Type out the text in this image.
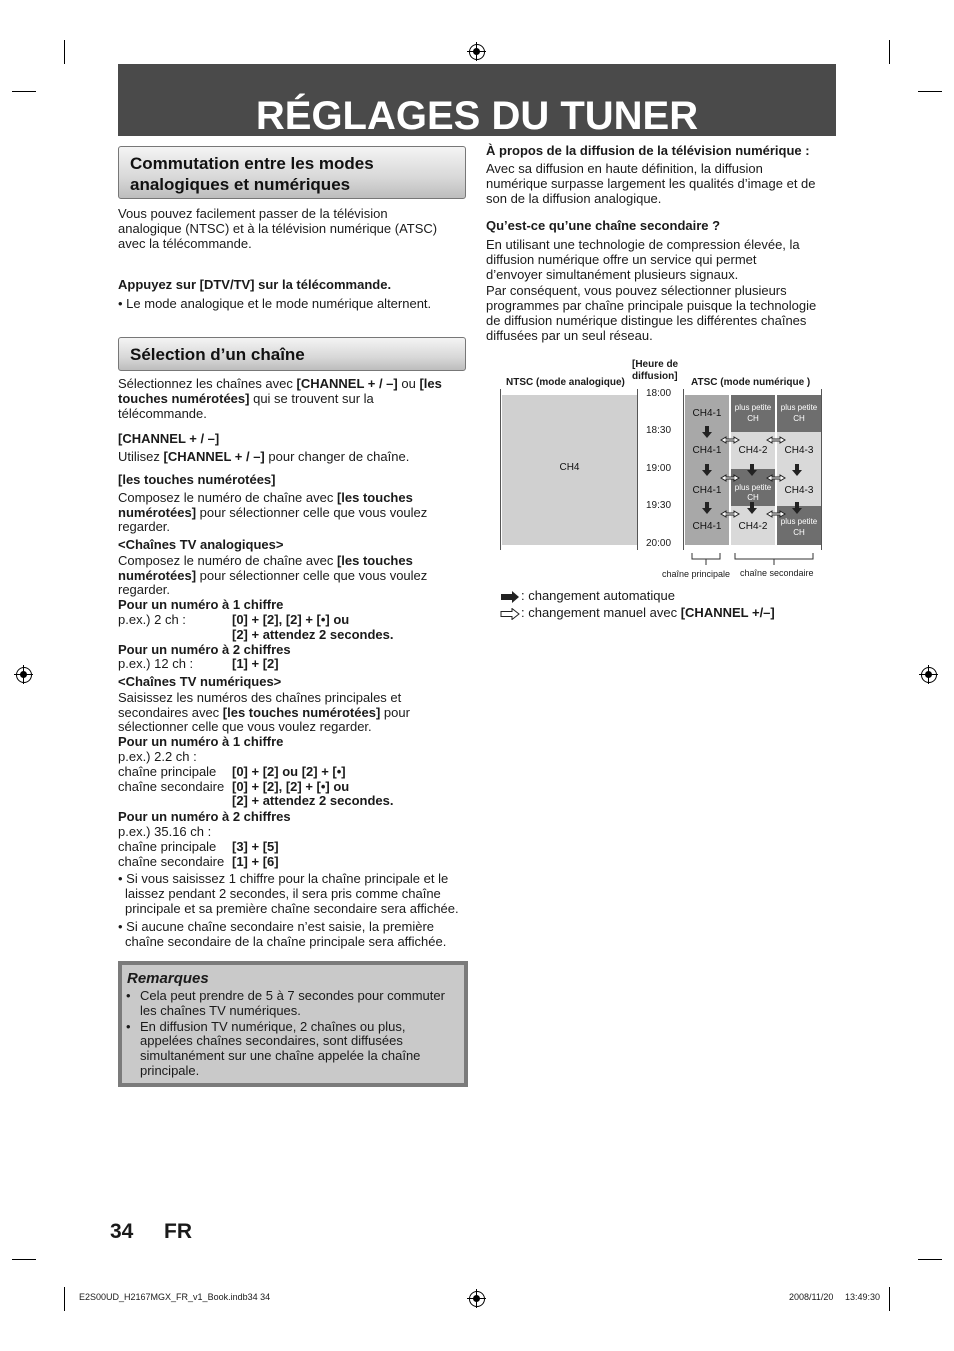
RÉGLAGES DU TUNER
Commutation entre les modes
analogiques et numériques
Vous pouvez facilement passer de la télévision
analogique (NTSC) et à la télévision numérique (ATSC)
avec la télécommande.
Appuyez sur [DTV/TV] sur la télécommande.
• Le mode analogique et le mode numérique alternent.
Sélection d’un chaîne
Sélectionnez les chaînes avec [CHANNEL + / –] ou [les
touches numérotées] qui se trouvent sur la
télécommande.
[CHANNEL + / –]
Utilisez [CHANNEL + / –] pour changer de chaîne.
[les touches numérotées]
Composez le numéro de chaîne avec [les touches
numérotées] pour sélectionner celle que vous voulez
regarder.
<Chaînes TV analogiques>
Composez le numéro de chaîne avec [les touches
numérotées] pour sélectionner celle que vous voulez
regarder.
Pour un numéro à 1 chiffre
p.ex.) 2 ch :	[0] + [2], [2] + [•] ou
[2] + attendez 2 secondes.
Pour un numéro à 2 chiffres
p.ex.) 12 ch :	[1] + [2]
<Chaînes TV numériques>
Saisissez les numéros des chaînes principales et
secondaires avec [les touches numérotées] pour
sélectionner celle que vous voulez regarder.
Pour un numéro à 1 chiffre
p.ex.) 2.2 ch :
chaîne principale [0] + [2] ou [2] + [•]
chaîne secondaire [0] + [2], [2] + [•] ou
[2] + attendez 2 secondes.
Pour un numéro à 2 chiffres
p.ex.) 35.16 ch :
chaîne principale [3] + [5]
chaîne secondaire [1] + [6]
• Si vous saisissez 1 chiffre pour la chaîne principale et le
laissez pendant 2 secondes, il sera pris comme chaîne
principale et sa première chaîne secondaire sera affichée.
• Si aucune chaîne secondaire n’est saisie, la première
chaîne secondaire de la chaîne principale sera affichée.
Remarques
• Cela peut prendre de 5 à 7 secondes pour commuter
les chaînes TV numériques.
• En diffusion TV numérique, 2 chaînes ou plus,
appelées chaînes secondaires, sont diffusées
simultanément sur une chaîne appelée la chaîne
principale.
À propos de la diffusion de la télévision numérique :
Avec sa diffusion en haute définition, la diffusion
numérique surpasse largement les qualités d’image et de
son de la diffusion analogique.
Qu’est-ce qu’une chaîne secondaire ?
En utilisant une technologie de compression élevée, la
diffusion numérique offre un service qui permet
d’envoyer simultanément plusieurs signaux.
Par conséquent, vous pouvez sélectionner plusieurs
programmes par chaîne principale puisque la technologie
de diffusion numérique distingue les différentes chaînes
diffusées par un seul réseau.
NTSC (mode analogique)
[Heure de
diffusion]
ATSC (mode numérique )
CH4
18:00
18:30
19:00
19:30
20:00
CH4-1
plus petite CH
plus petite CH
CH4-1	CH4-2	CH4-3
CH4-1	plus petite CH
CH4-3
CH4-1	CH4-2	plus petite CH
chaîne principale chaîne secondaire
: changement automatique
: changement manuel avec [CHANNEL +/–]
34 FR
E2S00UD_H2167MGX_FR_v1_Book.indb34 34	2008/11/20 13:49:30
